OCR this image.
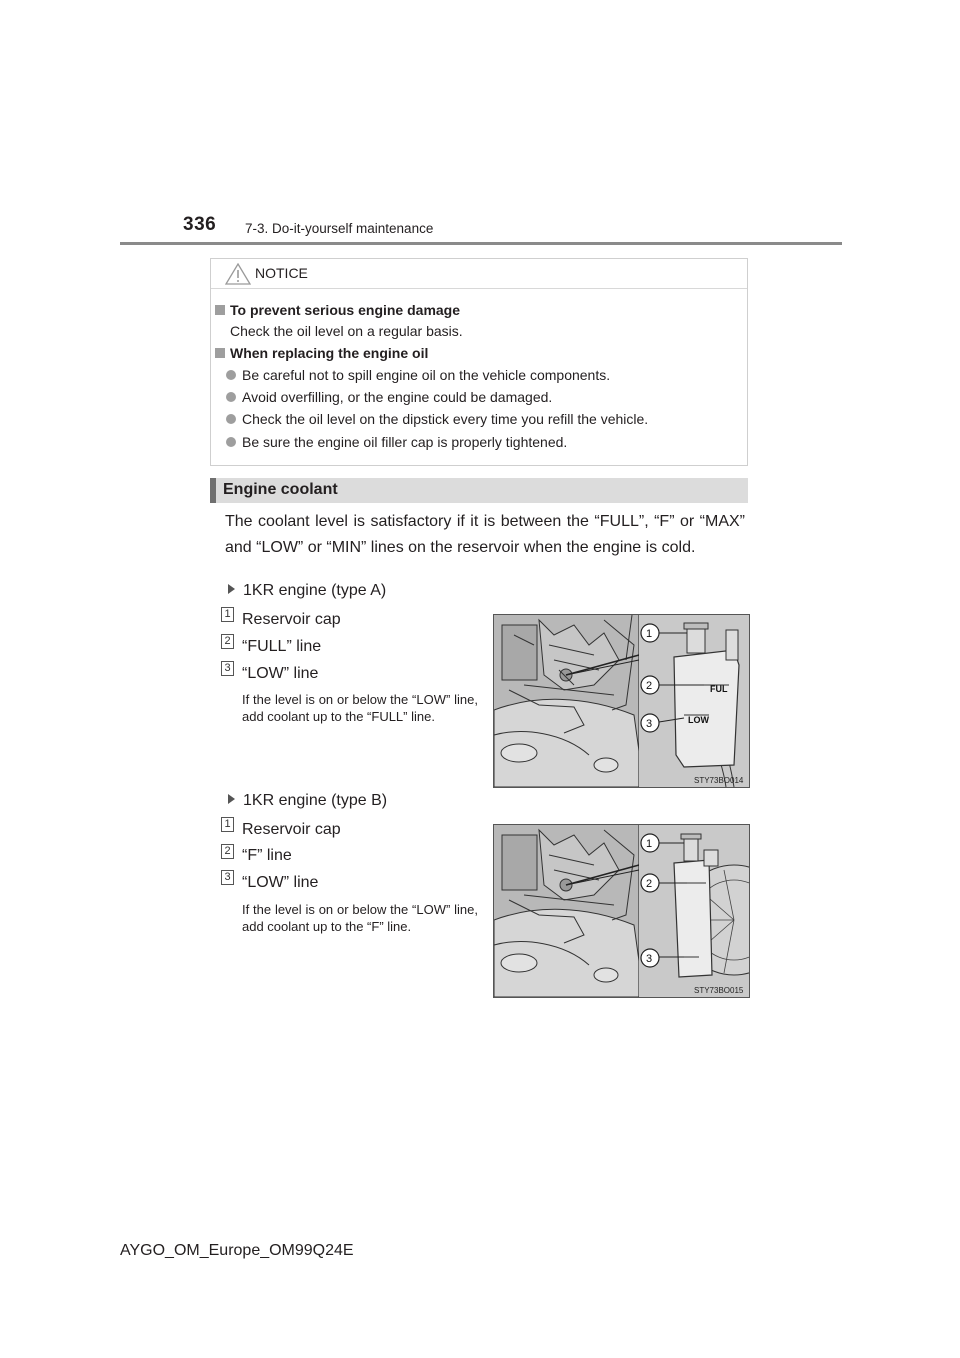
336 7-3. Do-it-yourself maintenance
NOTICE
To prevent serious engine damage
Check the oil level on a regular basis.
When replacing the engine oil
Be careful not to spill engine oil on the vehicle components.
Avoid overfilling, or the engine could be damaged.
Check the oil level on the dipstick every time you refill the vehicle.
Be sure the engine oil filler cap is properly tightened.
Engine coolant
The coolant level is satisfactory if it is between the “FULL”, “F” or “MAX” and “LOW” or “MIN” lines on the reservoir when the engine is cold.
1KR engine (type A)
1 Reservoir cap
2 “FULL” line
3 “LOW” line
If the level is on or below the “LOW” line, add coolant up to the “FULL” line.
FUL
LOW
1
2
3
STY73BO014
1KR engine (type B)
1 Reservoir cap
2 “F” line
3 “LOW” line
If the level is on or below the “LOW” line, add coolant up to the “F” line.
1
2
3
STY73BO015
AYGO_OM_Europe_OM99Q24E
